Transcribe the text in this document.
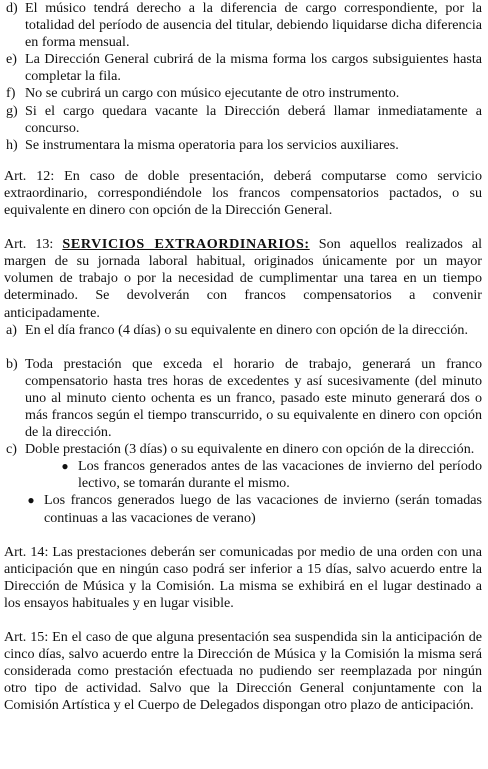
d) El músico tendrá derecho a la diferencia de cargo correspondiente, por la totalidad del período de ausencia del titular, debiendo liquidarse dicha diferencia en forma mensual.
e) La Dirección General cubrirá de la misma forma los cargos subsiguientes hasta completar la fila.
f) No se cubrirá un cargo con músico ejecutante de otro instrumento.
g) Si el cargo quedara vacante la Dirección deberá llamar inmediatamente a concurso.
h) Se instrumentara la misma operatoria para los servicios auxiliares.

Art. 12: En caso de doble presentación, deberá computarse como servicio extraordinario, correspondiéndole los francos compensatorios pactados, o su equivalente en dinero con opción de la Dirección General.

Art. 13: SERVICIOS EXTRAORDINARIOS: Son aquellos realizados al margen de su jornada laboral habitual, originados únicamente por un mayor volumen de trabajo o por la necesidad de cumplimentar una tarea en un tiempo determinado. Se devolverán con francos compensatorios a convenir anticipadamente.

a) En el día franco (4 días) o su equivalente en dinero con opción de la dirección.
b) Toda prestación que exceda el horario de trabajo, generará un franco compensatorio hasta tres horas de excedentes y así sucesivamente (del minuto uno al minuto ciento ochenta es un franco, pasado este minuto generará dos o más francos según el tiempo transcurrido, o su equivalente en dinero con opción de la dirección.
c) Doble prestación (3 días) o su equivalente en dinero con opción de la dirección.
● Los francos generados antes de las vacaciones de invierno del período lectivo, se tomarán durante el mismo.
● Los francos generados luego de las vacaciones de invierno (serán tomadas continuas a las vacaciones de verano)

Art. 14: Las prestaciones deberán ser comunicadas por medio de una orden con una anticipación que en ningún caso podrá ser inferior a 15 días, salvo acuerdo entre la Dirección de Música y la Comisión. La misma se exhibirá en el lugar destinado a los ensayos habituales y en lugar visible.

Art. 15: En el caso de que alguna presentación sea suspendida sin la anticipación de cinco días, salvo acuerdo entre la Dirección de Música y la Comisión la misma será considerada como prestación efectuada no pudiendo ser reemplazada por ningún otro tipo de actividad. Salvo que la Dirección General conjuntamente con la Comisión Artística y el Cuerpo de Delegados dispongan otro plazo de anticipación.
